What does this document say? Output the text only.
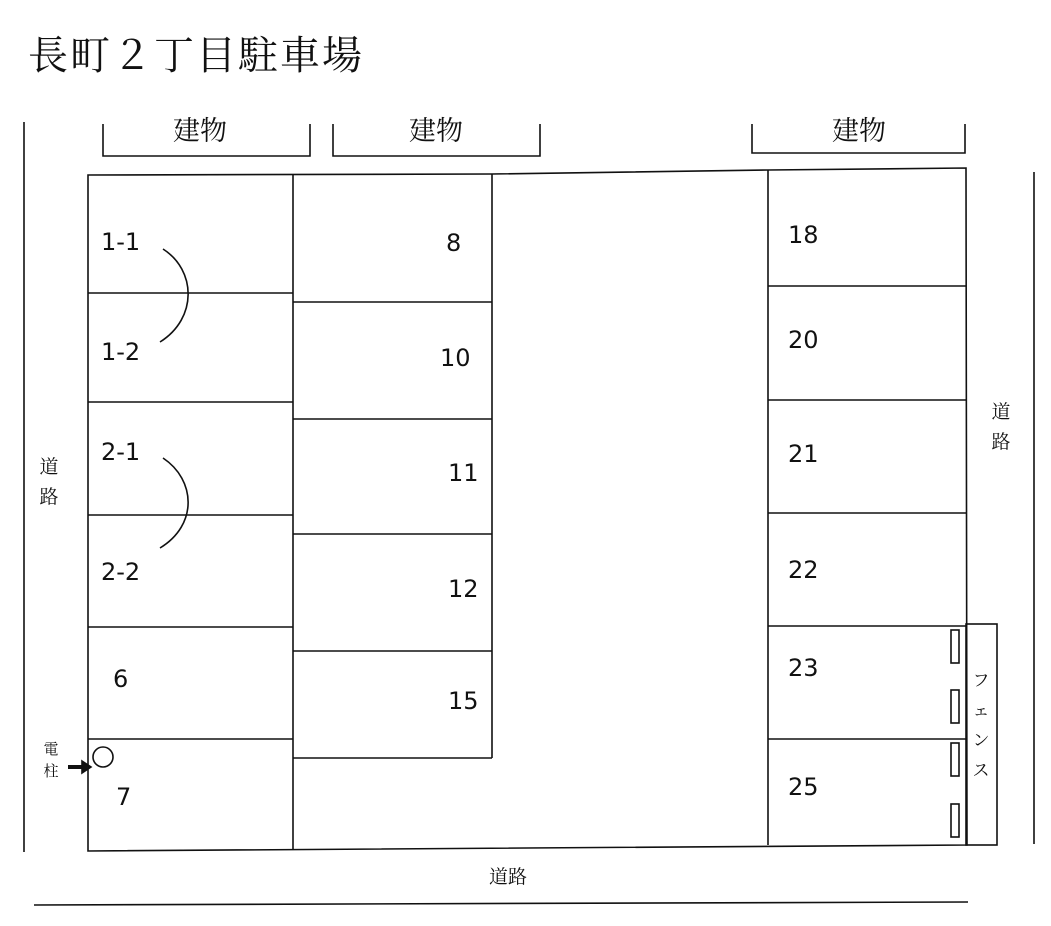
長町２丁目駐車場
建物	建物	建物
道路
道路
道路
電柱
フェンス
1-1
1-2
2-1
2-2
6
7
8
10
11
12
15
18
20
21
22
23
25
